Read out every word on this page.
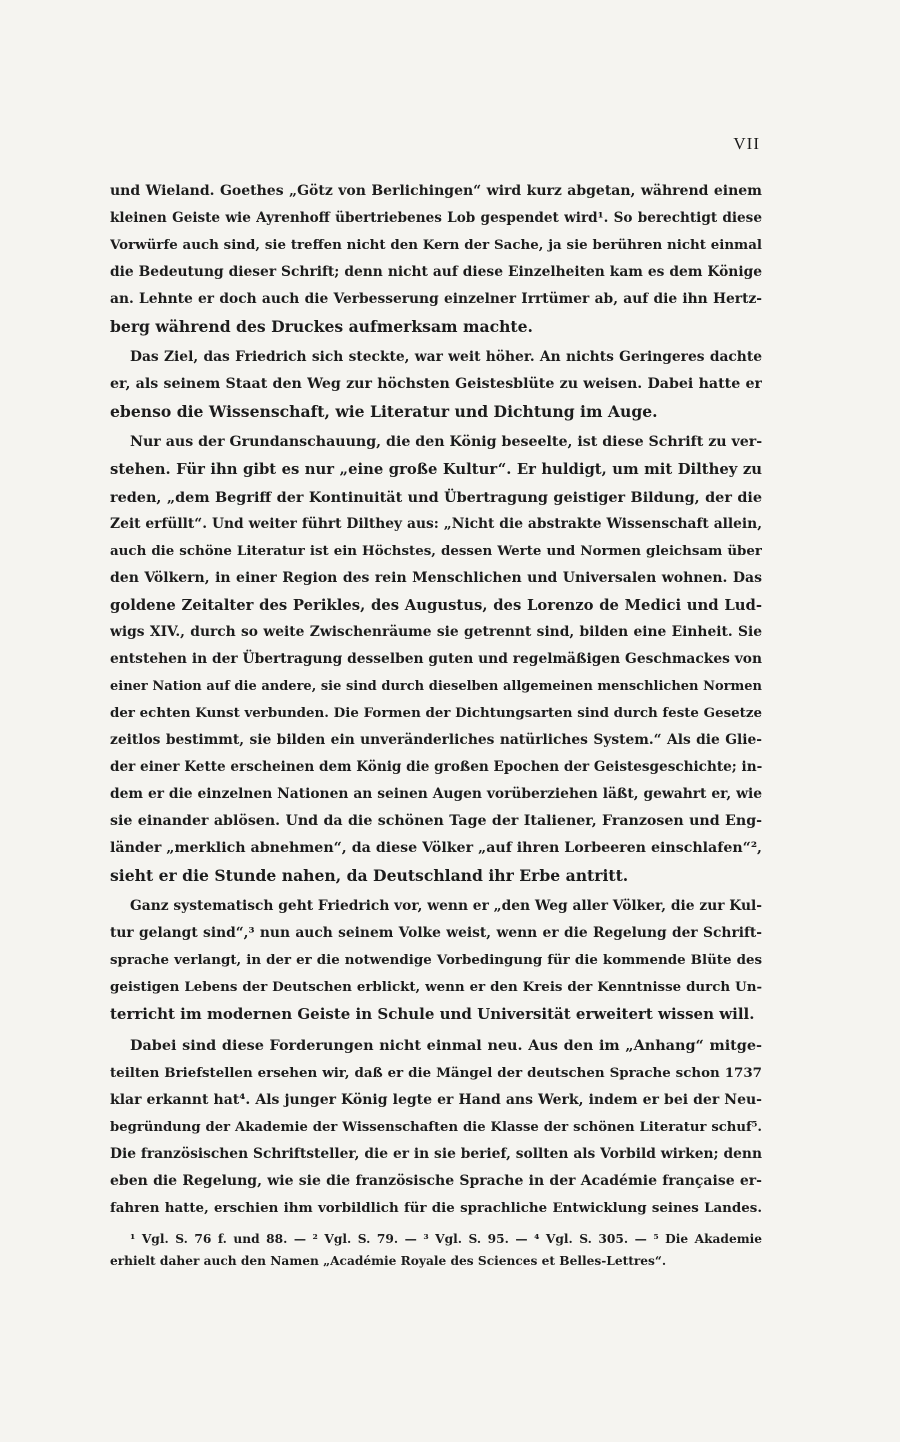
VII
und Wieland. Goethes „Götz von Berlichingen“ wird kurz abgetan, während einem
kleinen Geiste wie Ayrenhoff übertriebenes Lob gespendet wird¹. So berechtigt diese
Vorwürfe auch sind, sie treffen nicht den Kern der Sache, ja sie berühren nicht einmal
die Bedeutung dieser Schrift; denn nicht auf diese Einzelheiten kam es dem Könige
an. Lehnte er doch auch die Verbesserung einzelner Irrtümer ab, auf die ihn Hertz-
berg während des Druckes aufmerksam machte.
Das Ziel, das Friedrich sich steckte, war weit höher. An nichts Geringeres dachte
er, als seinem Staat den Weg zur höchsten Geistesblüte zu weisen. Dabei hatte er
ebenso die Wissenschaft, wie Literatur und Dichtung im Auge.
Nur aus der Grundanschauung, die den König beseelte, ist diese Schrift zu ver-
stehen. Für ihn gibt es nur „eine große Kultur“. Er huldigt, um mit Dilthey zu
reden, „dem Begriff der Kontinuität und Übertragung geistiger Bildung, der die
Zeit erfüllt“. Und weiter führt Dilthey aus: „Nicht die abstrakte Wissenschaft allein,
auch die schöne Literatur ist ein Höchstes, dessen Werte und Normen gleichsam über
den Völkern, in einer Region des rein Menschlichen und Universalen wohnen. Das
goldene Zeitalter des Perikles, des Augustus, des Lorenzo de Medici und Lud-
wigs XIV., durch so weite Zwischenräume sie getrennt sind, bilden eine Einheit. Sie
entstehen in der Übertragung desselben guten und regelmäßigen Geschmackes von
einer Nation auf die andere, sie sind durch dieselben allgemeinen menschlichen Normen
der echten Kunst verbunden. Die Formen der Dichtungsarten sind durch feste Gesetze
zeitlos bestimmt, sie bilden ein unveränderliches natürliches System.“ Als die Glie-
der einer Kette erscheinen dem König die großen Epochen der Geistesgeschichte; in-
dem er die einzelnen Nationen an seinen Augen vorüberziehen läßt, gewahrt er, wie
sie einander ablösen. Und da die schönen Tage der Italiener, Franzosen und Eng-
länder „merklich abnehmen“, da diese Völker „auf ihren Lorbeeren einschlafen“²,
sieht er die Stunde nahen, da Deutschland ihr Erbe antritt.
Ganz systematisch geht Friedrich vor, wenn er „den Weg aller Völker, die zur Kul-
tur gelangt sind“,³ nun auch seinem Volke weist, wenn er die Regelung der Schrift-
sprache verlangt, in der er die notwendige Vorbedingung für die kommende Blüte des
geistigen Lebens der Deutschen erblickt, wenn er den Kreis der Kenntnisse durch Un-
terricht im modernen Geiste in Schule und Universität erweitert wissen will.
Dabei sind diese Forderungen nicht einmal neu. Aus den im „Anhang“ mitge-
teilten Briefstellen ersehen wir, daß er die Mängel der deutschen Sprache schon 1737
klar erkannt hat⁴. Als junger König legte er Hand ans Werk, indem er bei der Neu-
begründung der Akademie der Wissenschaften die Klasse der schönen Literatur schuf⁵.
Die französischen Schriftsteller, die er in sie berief, sollten als Vorbild wirken; denn
eben die Regelung, wie sie die französische Sprache in der Académie française er-
fahren hatte, erschien ihm vorbildlich für die sprachliche Entwicklung seines Landes.
¹ Vgl. S. 76 f. und 88. — ² Vgl. S. 79. — ³ Vgl. S. 95. — ⁴ Vgl. S. 305. — ⁵ Die Akademie
erhielt daher auch den Namen „Académie Royale des Sciences et Belles-Lettres“.
